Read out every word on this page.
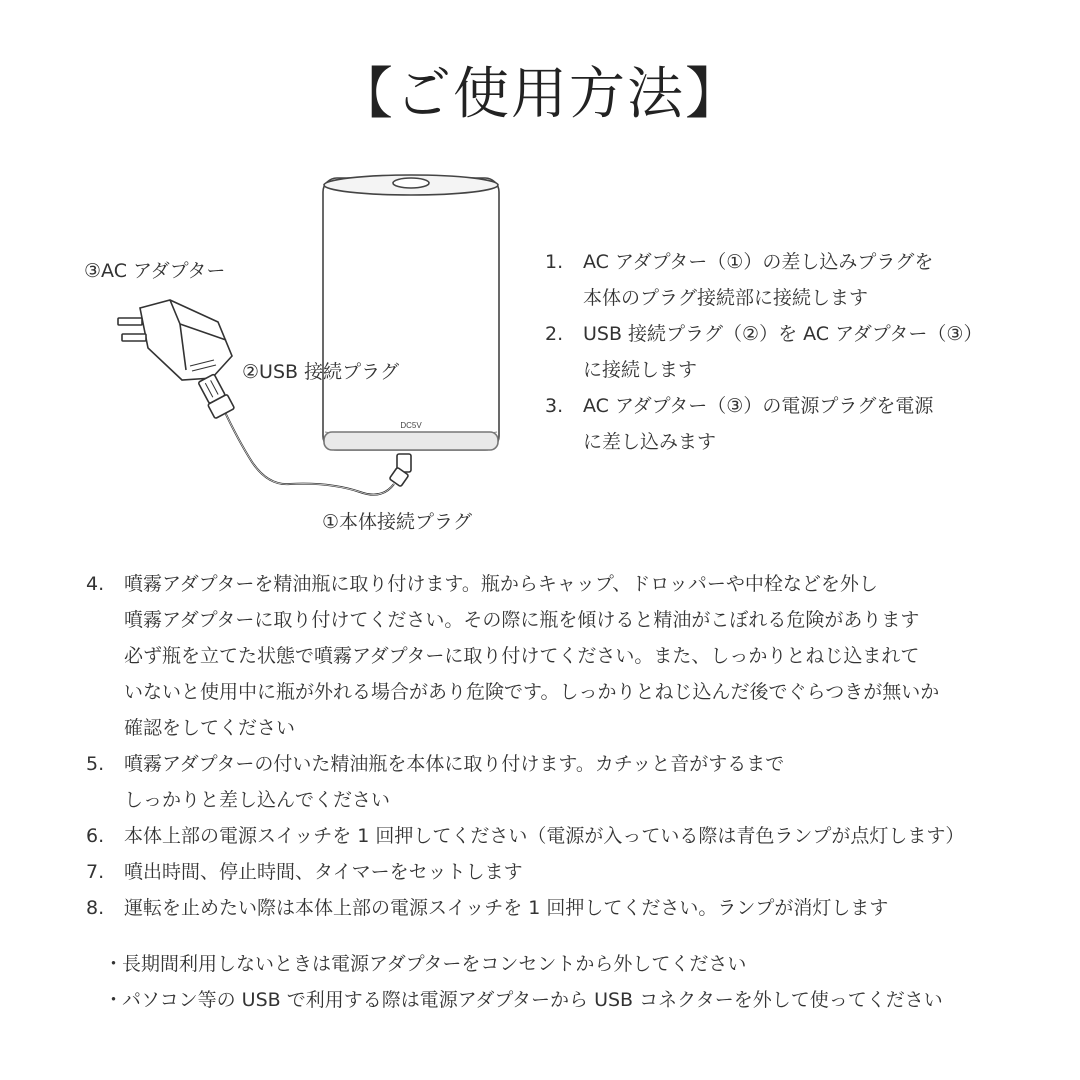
【ご使用方法】
DC5V
③AC アダプター
②USB 接続プラグ
①本体接続プラグ
1. AC アダプター（①）の差し込みプラグを
本体のプラグ接続部に接続します
2. USB 接続プラグ（②）を AC アダプター（③）
に接続します
3. AC アダプター（③）の電源プラグを電源
に差し込みます
4. 噴霧アダプターを精油瓶に取り付けます。瓶からキャップ、ドロッパーや中栓などを外し
噴霧アダプターに取り付けてください。その際に瓶を傾けると精油がこぼれる危険があります
必ず瓶を立てた状態で噴霧アダプターに取り付けてください。また、しっかりとねじ込まれて
いないと使用中に瓶が外れる場合があり危険です。しっかりとねじ込んだ後でぐらつきが無いか
確認をしてください
5. 噴霧アダプターの付いた精油瓶を本体に取り付けます。カチッと音がするまで
しっかりと差し込んでください
6. 本体上部の電源スイッチを 1 回押してください（電源が入っている際は青色ランプが点灯します）
7. 噴出時間、停止時間、タイマーをセットします
8. 運転を止めたい際は本体上部の電源スイッチを 1 回押してください。ランプが消灯します
・長期間利用しないときは電源アダプターをコンセントから外してください
・パソコン等の USB で利用する際は電源アダプターから USB コネクターを外して使ってください
